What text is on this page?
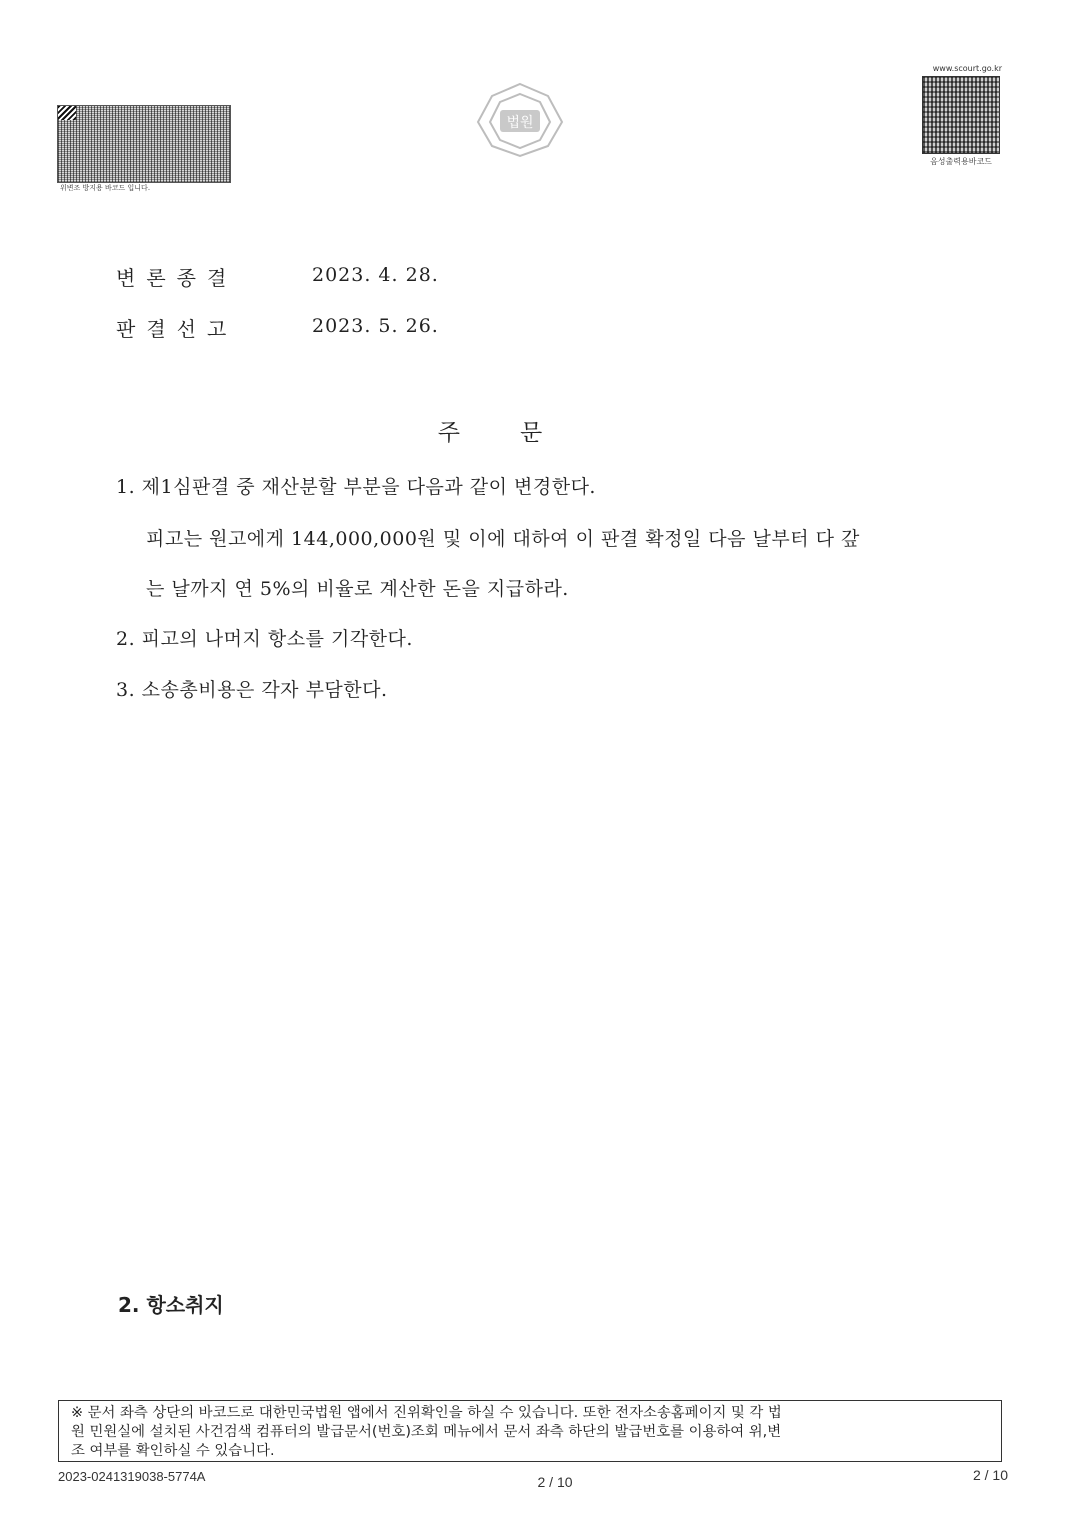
위변조 방지용 바코드 입니다.
법원
www.scourt.go.kr
음성출력용바코드
변론종결	2023. 4. 28.
판결선고	2023. 5. 26.
주문
1. 제1심판결 중 재산분할 부분을 다음과 같이 변경한다.
피고는 원고에게 144,000,000원 및 이에 대하여 이 판결 확정일 다음 날부터 다 갚
는 날까지 연 5%의 비율로 계산한 돈을 지급하라.
2. 피고의 나머지 항소를 기각한다.
3. 소송총비용은 각자 부담한다.
2. 항소취지
※ 문서 좌측 상단의 바코드로 대한민국법원 앱에서 진위확인을 하실 수 있습니다. 또한 전자소송홈페이지 및 각 법
원 민원실에 설치된 사건검색 컴퓨터의 발급문서(번호)조회 메뉴에서 문서 좌측 하단의 발급번호를 이용하여 위,변
조 여부를 확인하실 수 있습니다.
2023-0241319038-5774A	2 / 10	2 / 10
